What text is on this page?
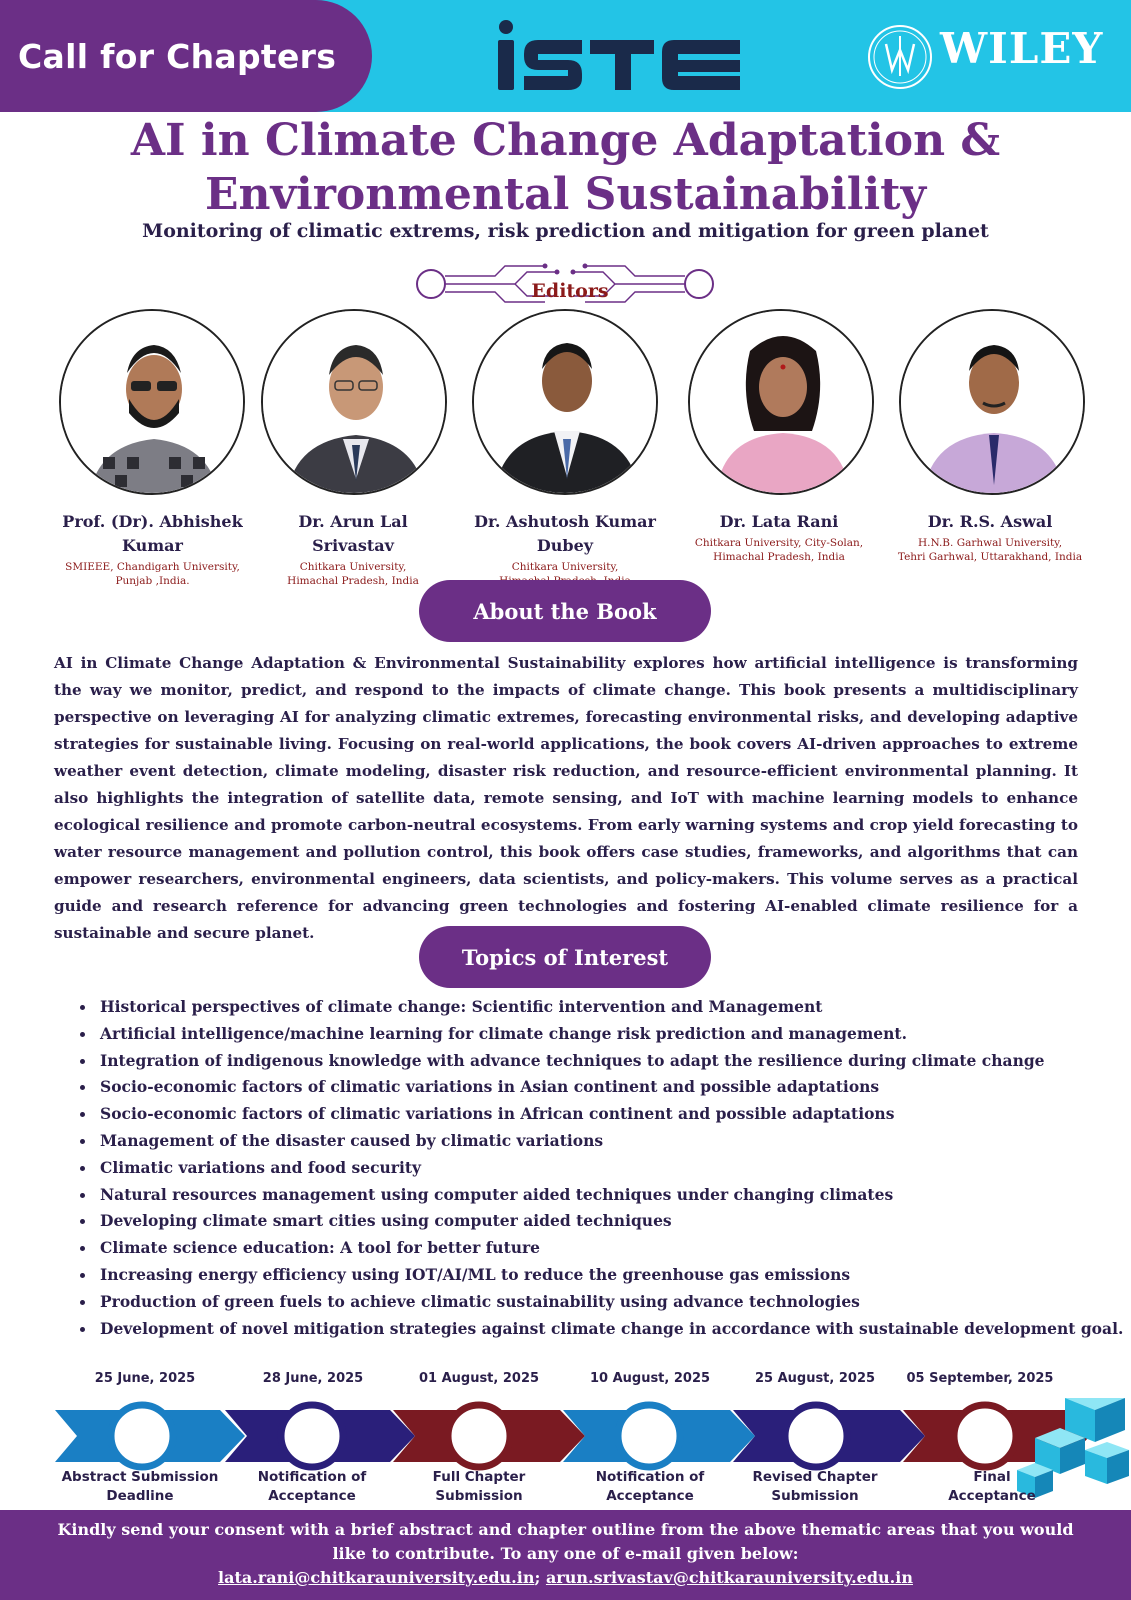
Call for Chapters	WILEY
AI in Climate Change Adaptation &
Environmental Sustainability
Monitoring of climatic extrems, risk prediction and mitigation for green planet
Editors
Prof. (Dr). Abhishek Kumar
SMIEEE, Chandigarh University,
Punjab ,India.
Dr. Arun Lal Srivastav
Chitkara University,
Himachal Pradesh, India
Dr. Ashutosh Kumar Dubey
Chitkara University,
Dr. Lata Rani
Chitkara University, City-Solan,
Himachal Pradesh, India
Dr. R.S. Aswal
H.N.B. Garhwal University,
Tehri Garhwal, Uttarakhand, India
About the Book

AI in Climate Change Adaptation & Environmental Sustainability explores how artificial intelligence is transforming the way we monitor, predict, and respond to the impacts of climate change. This book presents a multidisciplinary perspective on leveraging AI for analyzing climatic extremes, forecasting environmental risks, and developing adaptive strategies for sustainable living. Focusing on real-world applications, the book covers AI-driven approaches to extreme weather event detection, climate modeling, disaster risk reduction, and resource-efficient environmental planning. It also highlights the integration of satellite data, remote sensing, and IoT with machine learning models to enhance ecological resilience and promote carbon-neutral ecosystems. From early warning systems and crop yield forecasting to water resource management and pollution control, this book offers case studies, frameworks, and algorithms that can empower researchers, environmental engineers, data scientists, and policy-makers. This volume serves as a practical guide and research reference for advancing green technologies and fostering AI-enabled climate resilience for a sustainable and secure planet.

Topics of Interest
Historical perspectives of climate change: Scientific intervention and Management
Artificial intelligence/machine learning for climate change risk prediction and management.
Integration of indigenous knowledge with advance techniques to adapt the resilience during climate change
Socio-economic factors of climatic variations in Asian continent and possible adaptations
Socio-economic factors of climatic variations in African continent and possible adaptations
Management of the disaster caused by climatic variations
Climatic variations and food security
Natural resources management using computer aided techniques under changing climates
Developing climate smart cities using computer aided techniques
Climate science education: A tool for better future
Increasing energy efficiency using IOT/AI/ML to reduce the greenhouse gas emissions
Production of green fuels to achieve climatic sustainability using advance technologies
Development of novel mitigation strategies against climate change in accordance with sustainable development goal.
25 June, 2025	28 June, 2025	01 August, 2025	10 August, 2025	25 August, 2025	05 September, 2025
Abstract Submission
Deadline
Notification of
Acceptance
Full Chapter
Submission
Notification of
Acceptance
Revised Chapter
Submission
Final
Acceptance
Kindly send your consent with a brief abstract and chapter outline from the above thematic areas that you would
like to contribute. To any one of e-mail given below:
lata.rani@chitkarauniversity.edu.in; arun.srivastav@chitkarauniversity.edu.in
